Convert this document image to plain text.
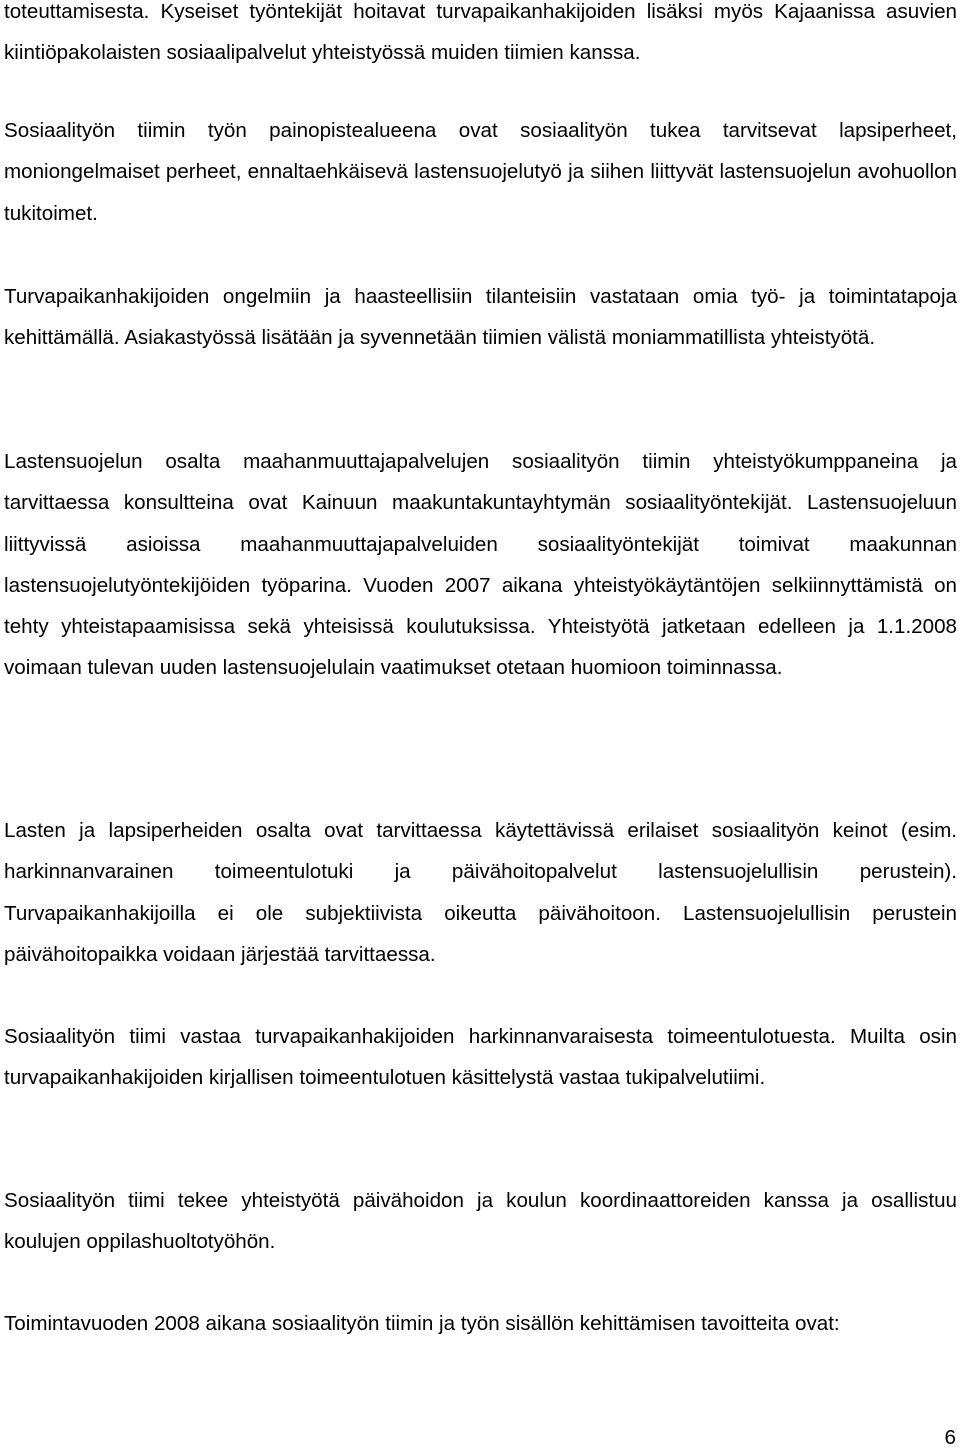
toteuttamisesta. Kyseiset työntekijät hoitavat turvapaikanhakijoiden lisäksi myös Kajaanissa asuvien kiintiöpakolaisten sosiaalipalvelut yhteistyössä muiden tiimien kanssa.

Sosiaalityön tiimin työn painopistealueena ovat sosiaalityön tukea tarvitsevat lapsiperheet, moniongelmaiset perheet, ennaltaehkäisevä lastensuojelutyö ja siihen liittyvät lastensuojelun avohuollon tukitoimet.

Turvapaikanhakijoiden ongelmiin ja haasteellisiin tilanteisiin vastataan omia työ- ja toimintatapoja kehittämällä. Asiakastyössä lisätään ja syvennetään tiimien välistä moniammatillista yhteistyötä.

Lastensuojelun osalta maahanmuuttajapalvelujen sosiaalityön tiimin yhteistyökumppaneina ja tarvittaessa konsultteina ovat Kainuun maakuntakuntayhtymän sosiaalityöntekijät. Lastensuojeluun liittyvissä asioissa maahanmuuttajapalveluiden sosiaalityöntekijät toimivat maakunnan lastensuojelutyöntekijöiden työparina. Vuoden 2007 aikana yhteistyökäytäntöjen selkiinnyttämistä on tehty yhteistapaamisissa sekä yhteisissä koulutuksissa. Yhteistyötä jatketaan edelleen ja 1.1.2008 voimaan tulevan uuden lastensuojelulain vaatimukset otetaan huomioon toiminnassa.

Lasten ja lapsiperheiden osalta ovat tarvittaessa käytettävissä erilaiset sosiaalityön keinot (esim. harkinnanvarainen toimeentulotuki ja päivähoitopalvelut lastensuojelullisin perustein). Turvapaikanhakijoilla ei ole subjektiivista oikeutta päivähoitoon. Lastensuojelullisin perustein päivähoitopaikka voidaan järjestää tarvittaessa.

Sosiaalityön tiimi vastaa turvapaikanhakijoiden harkinnanvaraisesta toimeentulotuesta. Muilta osin turvapaikanhakijoiden kirjallisen toimeentulotuen käsittelystä vastaa tukipalvelutiimi.

Sosiaalityön tiimi tekee yhteistyötä päivähoidon ja koulun koordinaattoreiden kanssa ja osallistuu koulujen oppilashuoltotyöhön.

Toimintavuoden 2008 aikana sosiaalityön tiimin ja työn sisällön kehittämisen tavoitteita ovat:

6
